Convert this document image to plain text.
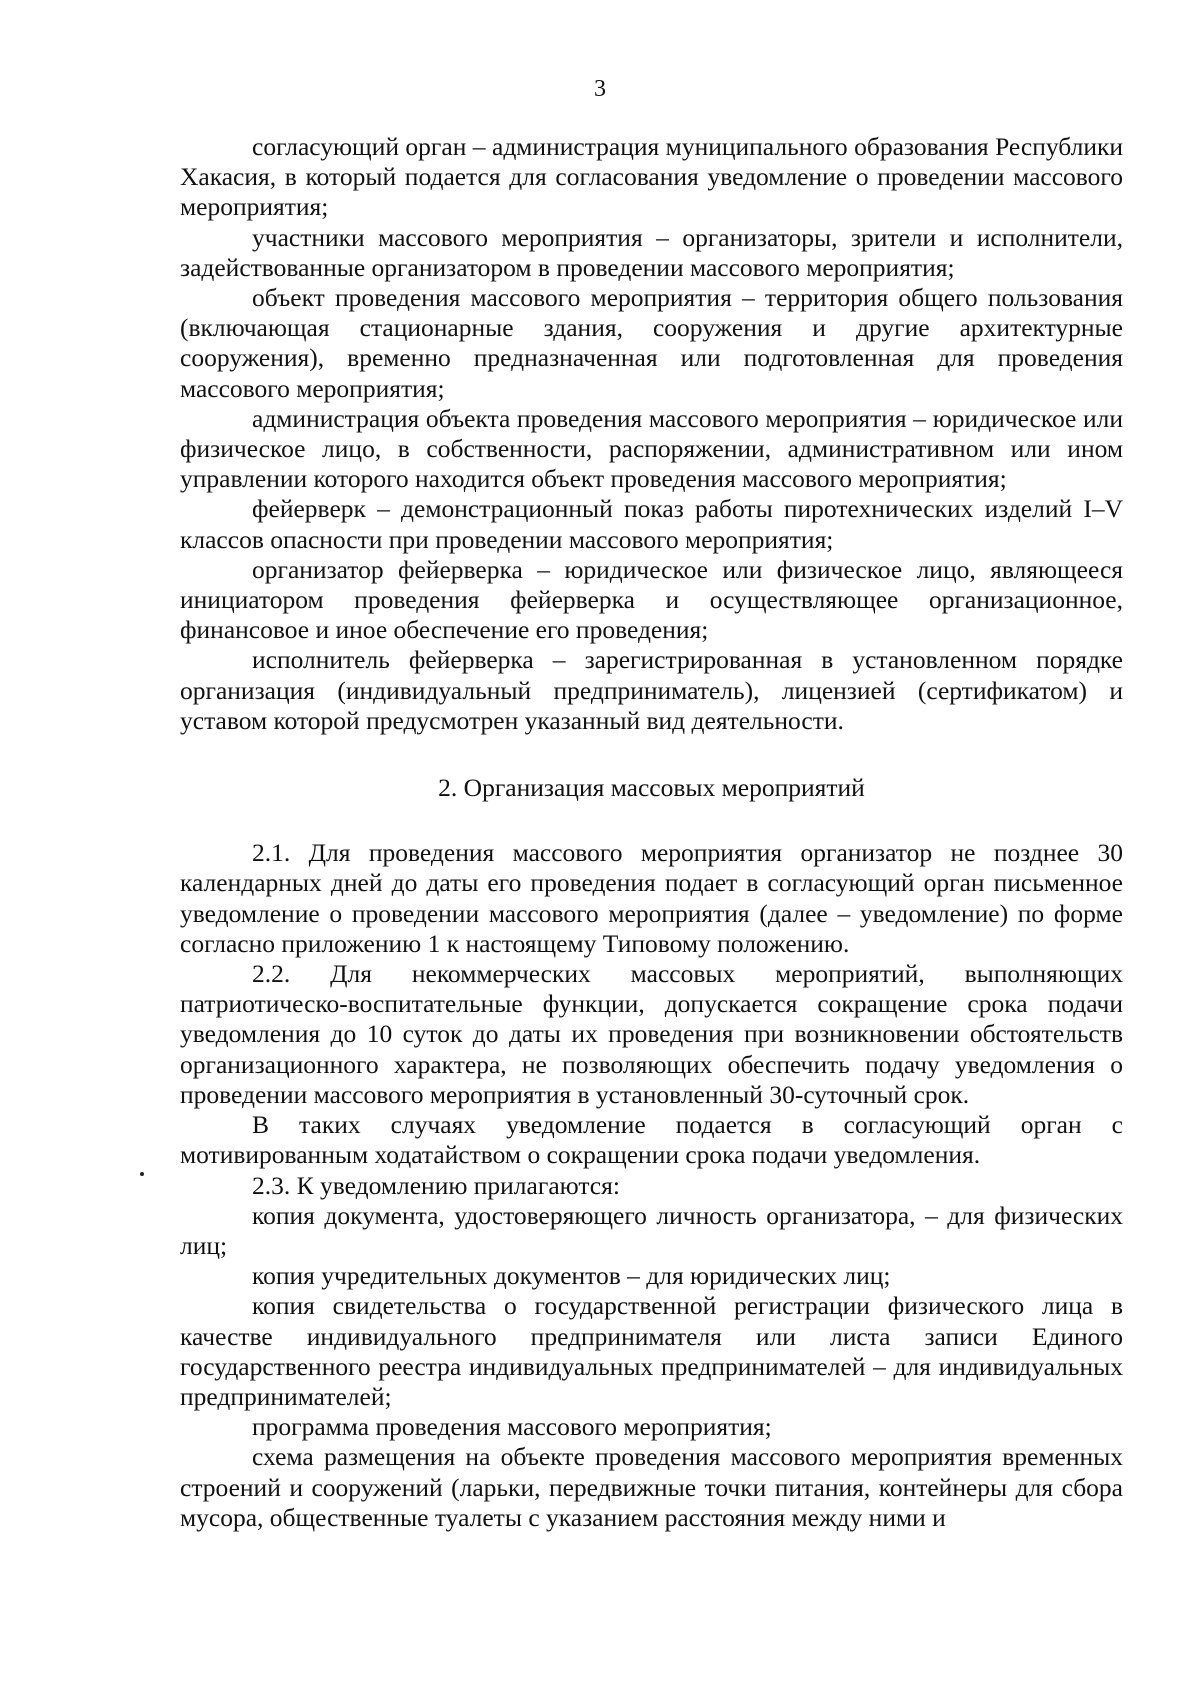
3

согласующий орган – администрация муниципального образования Республики Хакасия, в который подается для согласования уведомление о проведении массового мероприятия;

участники массового мероприятия – организаторы, зрители и исполнители, задействованные организатором в проведении массового мероприятия;

объект проведения массового мероприятия – территория общего пользования (включающая стационарные здания, сооружения и другие архитектурные сооружения), временно предназначенная или подготовленная для проведения массового мероприятия;

администрация объекта проведения массового мероприятия – юридическое или физическое лицо, в собственности, распоряжении, административном или ином управлении которого находится объект проведения массового мероприятия;

фейерверк – демонстрационный показ работы пиротехнических изделий I–V классов опасности при проведении массового мероприятия;

организатор фейерверка – юридическое или физическое лицо, являющееся инициатором проведения фейерверка и осуществляющее организационное, финансовое и иное обеспечение его проведения;

исполнитель фейерверка – зарегистрированная в установленном порядке организация (индивидуальный предприниматель), лицензией (сертификатом) и уставом которой предусмотрен указанный вид деятельности.

2. Организация массовых мероприятий

2.1. Для проведения массового мероприятия организатор не позднее 30 календарных дней до даты его проведения подает в согласующий орган письменное уведомление о проведении массового мероприятия (далее – уведомление) по форме согласно приложению 1 к настоящему Типовому положению.

2.2. Для некоммерческих массовых мероприятий, выполняющих патриотическо-воспитательные функции, допускается сокращение срока подачи уведомления до 10 суток до даты их проведения при возникновении обстоятельств организационного характера, не позволяющих обеспечить подачу уведомления о проведении массового мероприятия в установленный 30-суточный срок.

В таких случаях уведомление подается в согласующий орган с мотивированным ходатайством о сокращении срока подачи уведомления.

2.3. К уведомлению прилагаются:

копия документа, удостоверяющего личность организатора, – для физических лиц;

копия учредительных документов – для юридических лиц;

копия свидетельства о государственной регистрации физического лица в качестве индивидуального предпринимателя или листа записи Единого государственного реестра индивидуальных предпринимателей – для индивидуальных предпринимателей;

программа проведения массового мероприятия;

схема размещения на объекте проведения массового мероприятия временных строений и сооружений (ларьки, передвижные точки питания, контейнеры для сбора мусора, общественные туалеты с указанием расстояния между ними и
